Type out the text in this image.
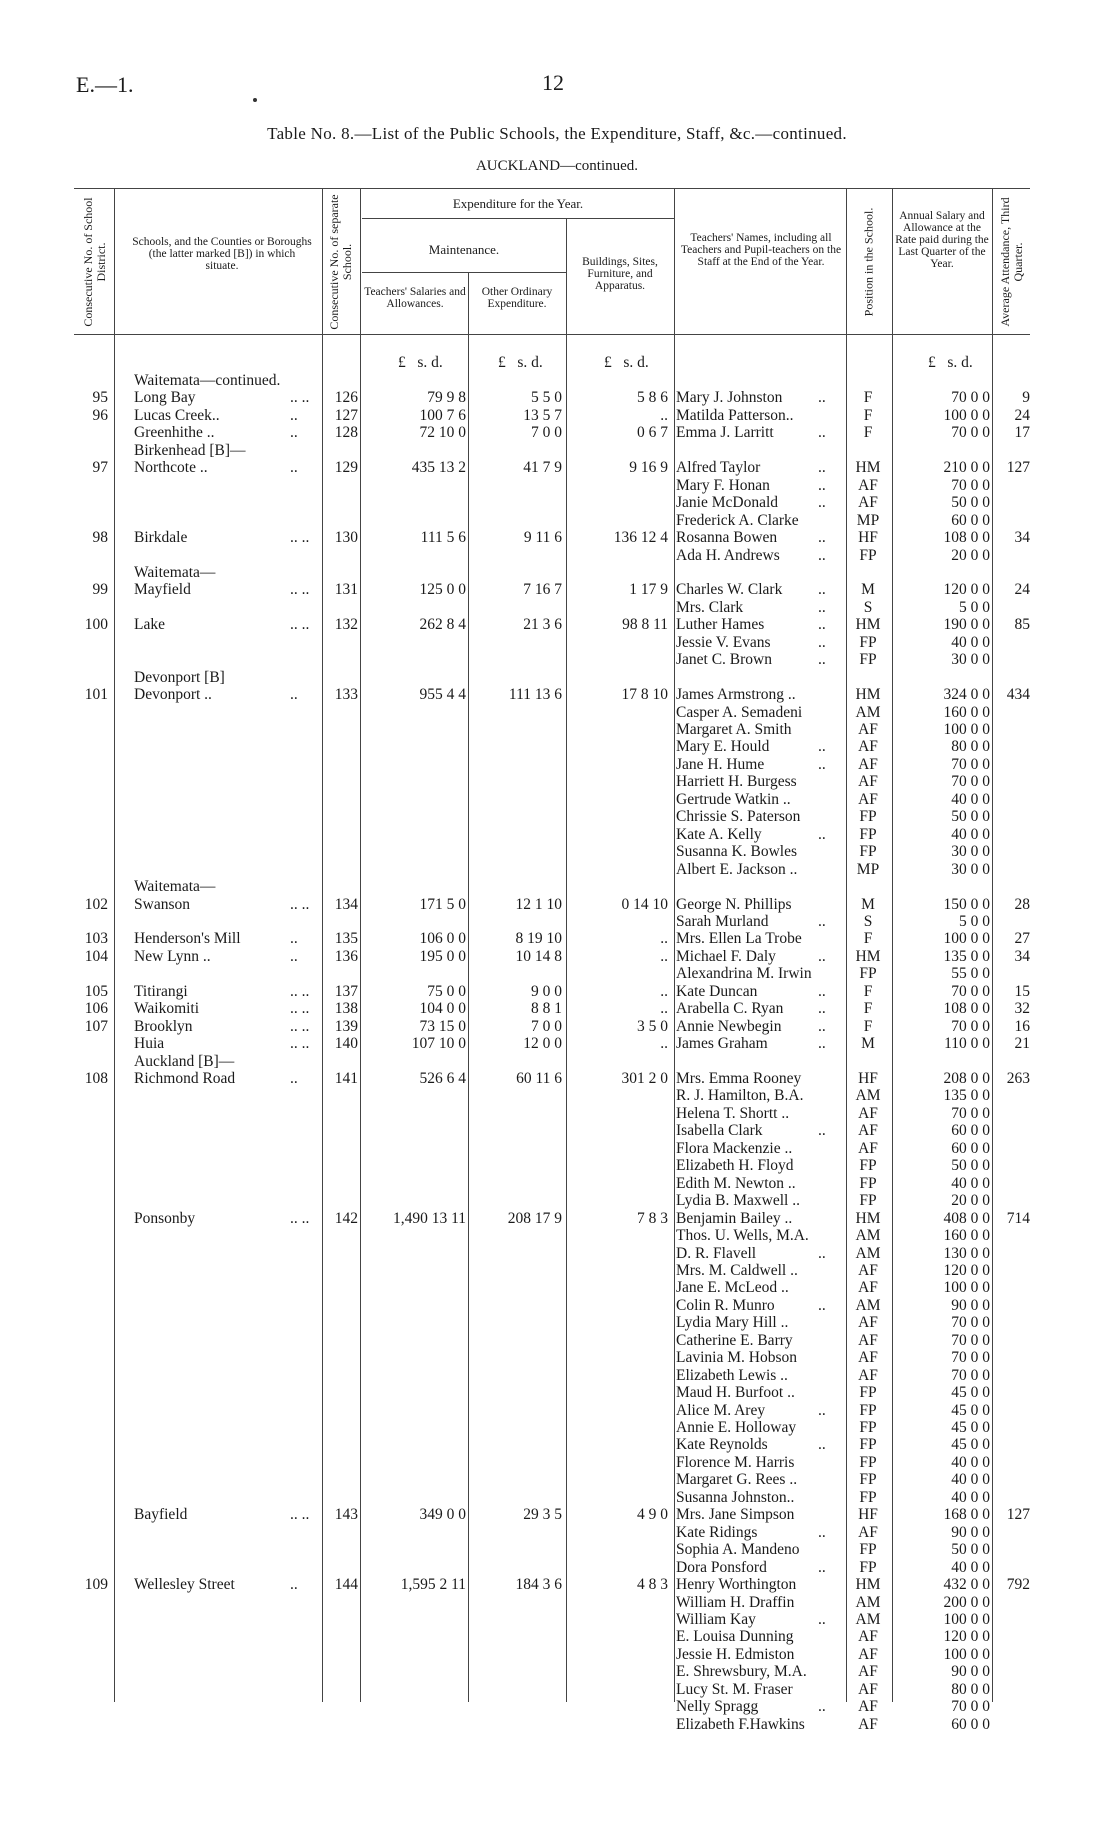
E.—1.	12
Table No. 8.—List of the Public Schools, the Expenditure, Staff, &c.—continued.
AUCKLAND—continued.
Consecutive No. of School District.
Schools, and the Counties or Boroughs (the latter marked [B]) in which situate.	Consecutive No. of separate School.
Expenditure for the Year.
Maintenance.
Teachers' Salaries and Allowances.
Other Ordinary Expenditure.
Buildings, Sites, Furniture, and Apparatus.
Teachers' Names, including all Teachers and Pupil-teachers on the Staff at the End of the Year.	Position in the School.	Annual Salary and Allowance at the Rate paid during the Last Quarter of the Year.	Average Attendance, Third Quarter.
£ s. d.	£ s. d.	£ s. d.	£ s. d.
Waitemata—continued.
95 Long Bay	.. ..	126	79 9 8	5 5 0	5 8 6 Mary J. Johnston ..	F	70 0 0	9
96 Lucas Creek..	..	127	100 7 6	13 5 7	.. Matilda Patterson..	F	100 0 0	24
Greenhithe ..	..	128	72 10 0	7 0 0	0 6 7 Emma J. Larritt	..	F	70 0 0	17
Birkenhead [B]—
97 Northcote ..	..	129	435 13 2	41 7 9	9 16 9 Alfred Taylor	..	HM	210 0 0	127
Mary F. Honan	..	AF	70 0 0
Janie McDonald	..	AF	50 0 0
Frederick A. Clarke	MP	60 0 0
98 Birkdale	.. ..	130	111 5 6	9 11 6	136 12 4 Rosanna Bowen	..	HF	108 0 0	34
Ada H. Andrews ..	FP	20 0 0
Waitemata—
99 Mayfield	.. ..	131	125 0 0	7 16 7	1 17 9 Charles W. Clark ..	M	120 0 0	24
Mrs. Clark	..	S	5 0 0
100 Lake	.. ..	132	262 8 4	21 3 6	98 8 11 Luther Hames	..	HM	190 0 0	85
Jessie V. Evans	..	FP	40 0 0
Janet C. Brown	..	FP	30 0 0
Devonport [B]
101 Devonport ..	..	133	955 4 4	111 13 6	17 8 10 James Armstrong ..	HM	324 0 0	434
Casper A. Semadeni	AM	160 0 0
Margaret A. Smith	AF	100 0 0
Mary E. Hould	..	AF	80 0 0
Jane H. Hume	..	AF	70 0 0
Harriett H. Burgess	AF	70 0 0
Gertrude Watkin ..	AF	40 0 0
Chrissie S. Paterson	FP	50 0 0
Kate A. Kelly	..	FP	40 0 0
Susanna K. Bowles	FP	30 0 0
Albert E. Jackson ..	MP	30 0 0
Waitemata—
102 Swanson	.. ..	134	171 5 0	12 1 10	0 14 10 George N. Phillips	M	150 0 0	28
Sarah Murland	..	S	5 0 0
103 Henderson's Mill	..	135	106 0 0	8 19 10	.. Mrs. Ellen La Trobe	F	100 0 0	27
104 New Lynn ..	..	136	195 0 0	10 14 8	.. Michael F. Daly	..	HM	135 0 0	34
Alexandrina M. Irwin	FP	55 0 0
105 Titirangi	.. ..	137	75 0 0	9 0 0	.. Kate Duncan	..	F	70 0 0	15
106 Waikomiti	.. ..	138	104 0 0	8 8 1	.. Arabella C. Ryan ..	F	108 0 0	32
107 Brooklyn	.. ..	139	73 15 0	7 0 0	3 5 0 Annie Newbegin ..	F	70 0 0	16
Huia	.. ..	140	107 10 0	12 0 0	.. James Graham	..	M	110 0 0	21
Auckland [B]—
108 Richmond Road	..	141	526 6 4	60 11 6	301 2 0 Mrs. Emma Rooney	HF	208 0 0	263
R. J. Hamilton, B.A.	AM	135 0 0
Helena T. Shortt ..	AF	70 0 0
Isabella Clark	..	AF	60 0 0
Flora Mackenzie ..	AF	60 0 0
Elizabeth H. Floyd	FP	50 0 0
Edith M. Newton ..	FP	40 0 0
Lydia B. Maxwell ..	FP	20 0 0
Ponsonby	.. ..	142	1,490 13 11	208 17 9	7 8 3 Benjamin Bailey ..	HM	408 0 0	714
Thos. U. Wells, M.A.	AM	160 0 0
D. R. Flavell	..	AM	130 0 0
Mrs. M. Caldwell ..	AF	120 0 0
Jane E. McLeod ..	AF	100 0 0
Colin R. Munro	..	AM	90 0 0
Lydia Mary Hill ..	AF	70 0 0
Catherine E. Barry	AF	70 0 0
Lavinia M. Hobson	AF	70 0 0
Elizabeth Lewis ..	AF	70 0 0
Maud H. Burfoot ..	FP	45 0 0
Alice M. Arey	..	FP	45 0 0
Annie E. Holloway	FP	45 0 0
Kate Reynolds	..	FP	45 0 0
Florence M. Harris	FP	40 0 0
Margaret G. Rees ..	FP	40 0 0
Susanna Johnston..	FP	40 0 0
Bayfield	.. ..	143	349 0 0	29 3 5	4 9 0 Mrs. Jane Simpson	HF	168 0 0	127
Kate Ridings	..	AF	90 0 0
Sophia A. Mandeno	FP	50 0 0
Dora Ponsford	..	FP	40 0 0
109 Wellesley Street	..	144	1,595 2 11	184 3 6	4 8 3 Henry Worthington	HM	432 0 0	792
William H. Draffin	AM	200 0 0
William Kay	..	AM	100 0 0
E. Louisa Dunning	AF	120 0 0
Jessie H. Edmiston	AF	100 0 0
E. Shrewsbury, M.A.	AF	90 0 0
Lucy St. M. Fraser	AF	80 0 0
Nelly Spragg	..	AF	70 0 0
Elizabeth F.Hawkins	AF	60 0 0
